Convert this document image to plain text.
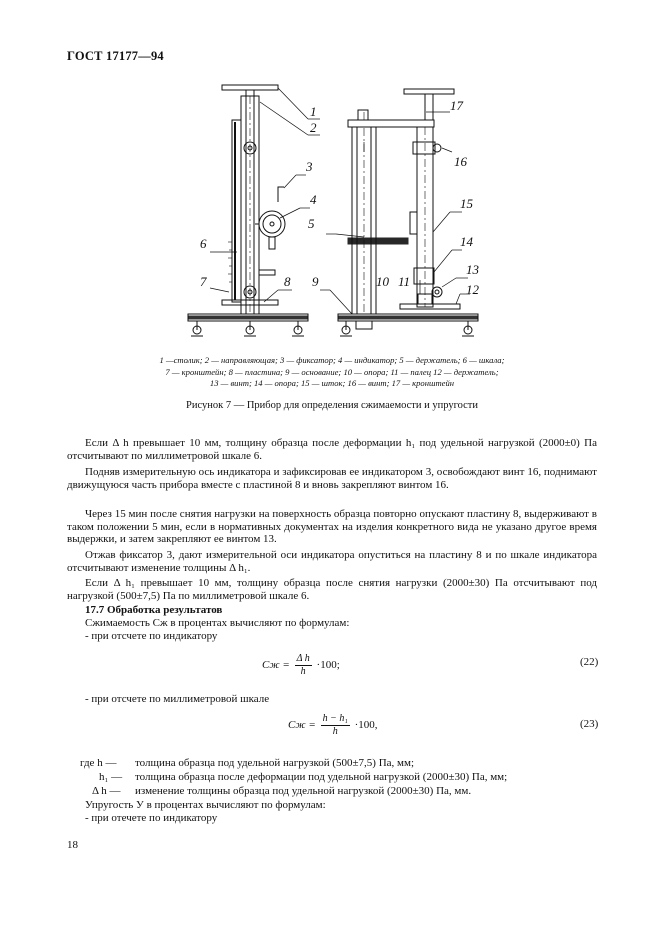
ГОСТ 17177—94
1
2
3
4
5
6
7	8 9	10 11
12
13
14
15
16
17
1 —столик; 2 — направляющая; 3 — фиксатор; 4 — индикатор; 5 — держатель; 6 — шкала;
7 — кронштейн; 8 — пластина; 9 — основание; 10 — опора; 11 — палец 12 — держатель;
13 — винт; 14 — опора; 15 — шток; 16 — винт; 17 — кронштейн
Рисунок 7 — Прибор для определения сжимаемости и упругости
Если Δ h превышает 10 мм, толщину образца после деформации h₁ под удельной нагрузкой (2000±0) Па отсчитывают по миллиметровой шкале 6.
Подняв измерительную ось индикатора и зафиксировав ее индикатором 3, освобождают винт 16, поднимают движущуюся часть прибора вместе с пластиной 8 и вновь закрепляют винтом 16.
Через 15 мин после снятия нагрузки на поверхность образца повторно опускают пластину 8, выдерживают в таком положении 5 мин, если в нормативных документах на изделия конкретного вида не указано другое время выдержки, и затем закрепляют ее винтом 13.
Отжав фиксатор 3, дают измерительной оси индикатора опуститься на пластину 8 и по шкале индикатора отсчитывают изменение толщины Δ h₁.
Если Δ h₁ превышает 10 мм, толщину образца после снятия нагрузки (2000±30) Па отсчитывают под нагрузкой (500±7,5) Па по миллиметровой шкале 6.
17.7 Обработка результатов
Сжимаемость Сж в процентах вычисляют по формулам:
- при отсчете по индикатору
Сж = $\frac{\text{Δ h}}{h} \cdot 100$;	(22)
- при отсчете по миллиметровой шкале
Сж = $\frac{\text{h − h₁}}{h} \cdot 100$,	(23)
где h — толщина образца под удельной нагрузкой (500±7,5) Па, мм;
h₁ — толщина образца после деформации под удельной нагрузкой (2000±30) Па, мм;
Δ h — изменение толщины образца под удельной нагрузкой (2000±30) Па, мм.
Упругость У в процентах вычисляют по формулам:
- при отечете по индикатору
18
